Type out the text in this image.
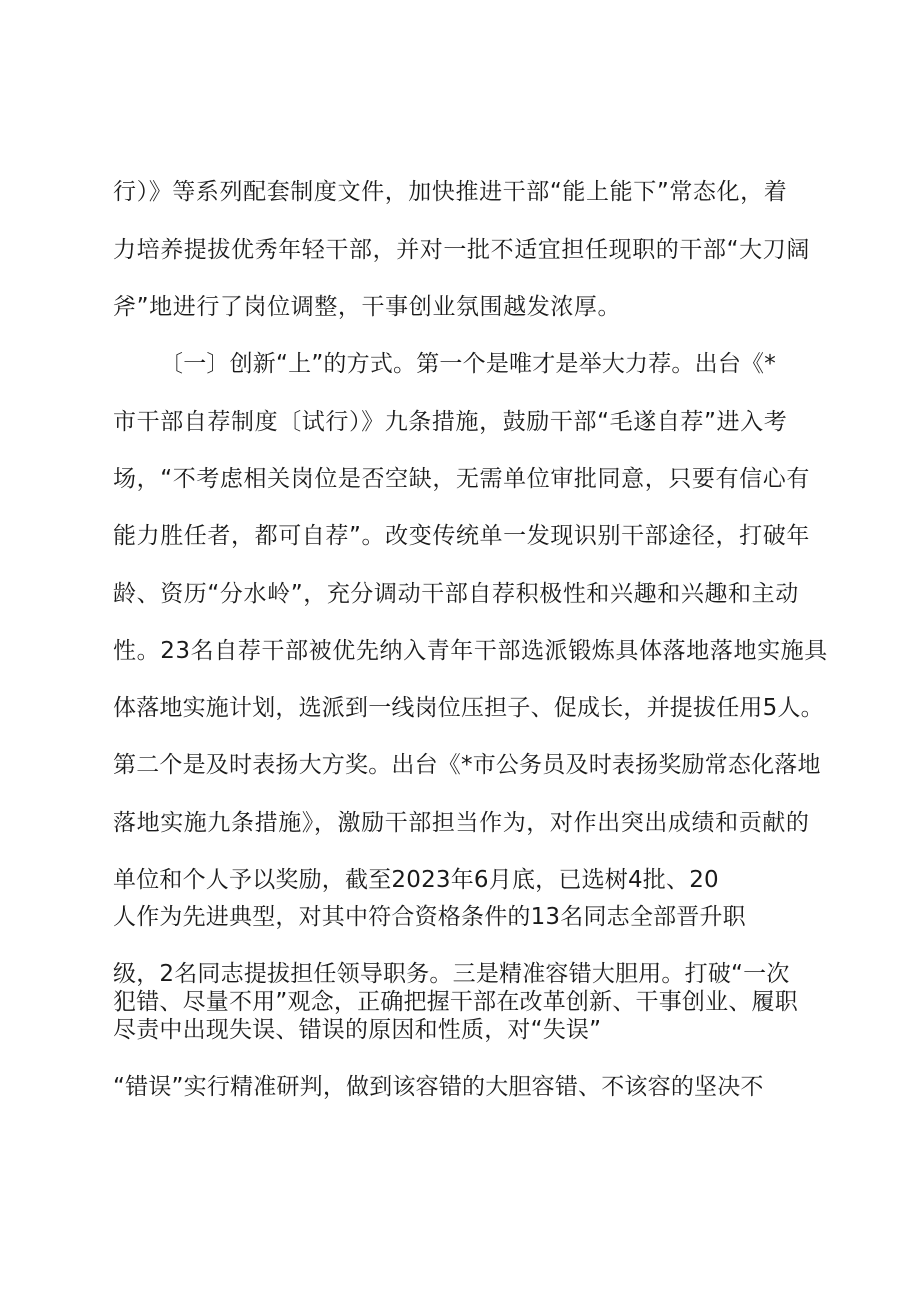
行）》等系列配套制度文件，加快推进干部“能上能下”常态化，着
力培养提拔优秀年轻干部，并对一批不适宜担任现职的干部“大刀阔
斧”地进行了岗位调整，干事创业氛围越发浓厚。
〔一〕创新“上”的方式。第一个是唯才是举大力荐。出台《*
市干部自荐制度〔试行）》九条措施，鼓励干部“毛遂自荐”进入考
场，“不考虑相关岗位是否空缺，无需单位审批同意，只要有信心有
能力胜任者，都可自荐”。改变传统单一发现识别干部途径，打破年
龄、资历“分水岭”，充分调动干部自荐积极性和兴趣和兴趣和主动
性。23名自荐干部被优先纳入青年干部选派锻炼具体落地落地实施具
体落地实施计划，选派到一线岗位压担子、促成长，并提拔任用5人。
第二个是及时表扬大方奖。出台《*市公务员及时表扬奖励常态化落地
落地实施九条措施》，激励干部担当作为，对作出突出成绩和贡献的
单位和个人予以奖励，截至2023年6月底，已选树4批、20
人作为先进典型，对其中符合资格条件的13名同志全部晋升职
级，2名同志提拔担任领导职务。三是精准容错大胆用。打破“一次
犯错、尽量不用”观念，正确把握干部在改革创新、干事创业、履职
尽责中出现失误、错误的原因和性质，对“失误”
“错误”实行精准研判，做到该容错的大胆容错、不该容的坚决不
